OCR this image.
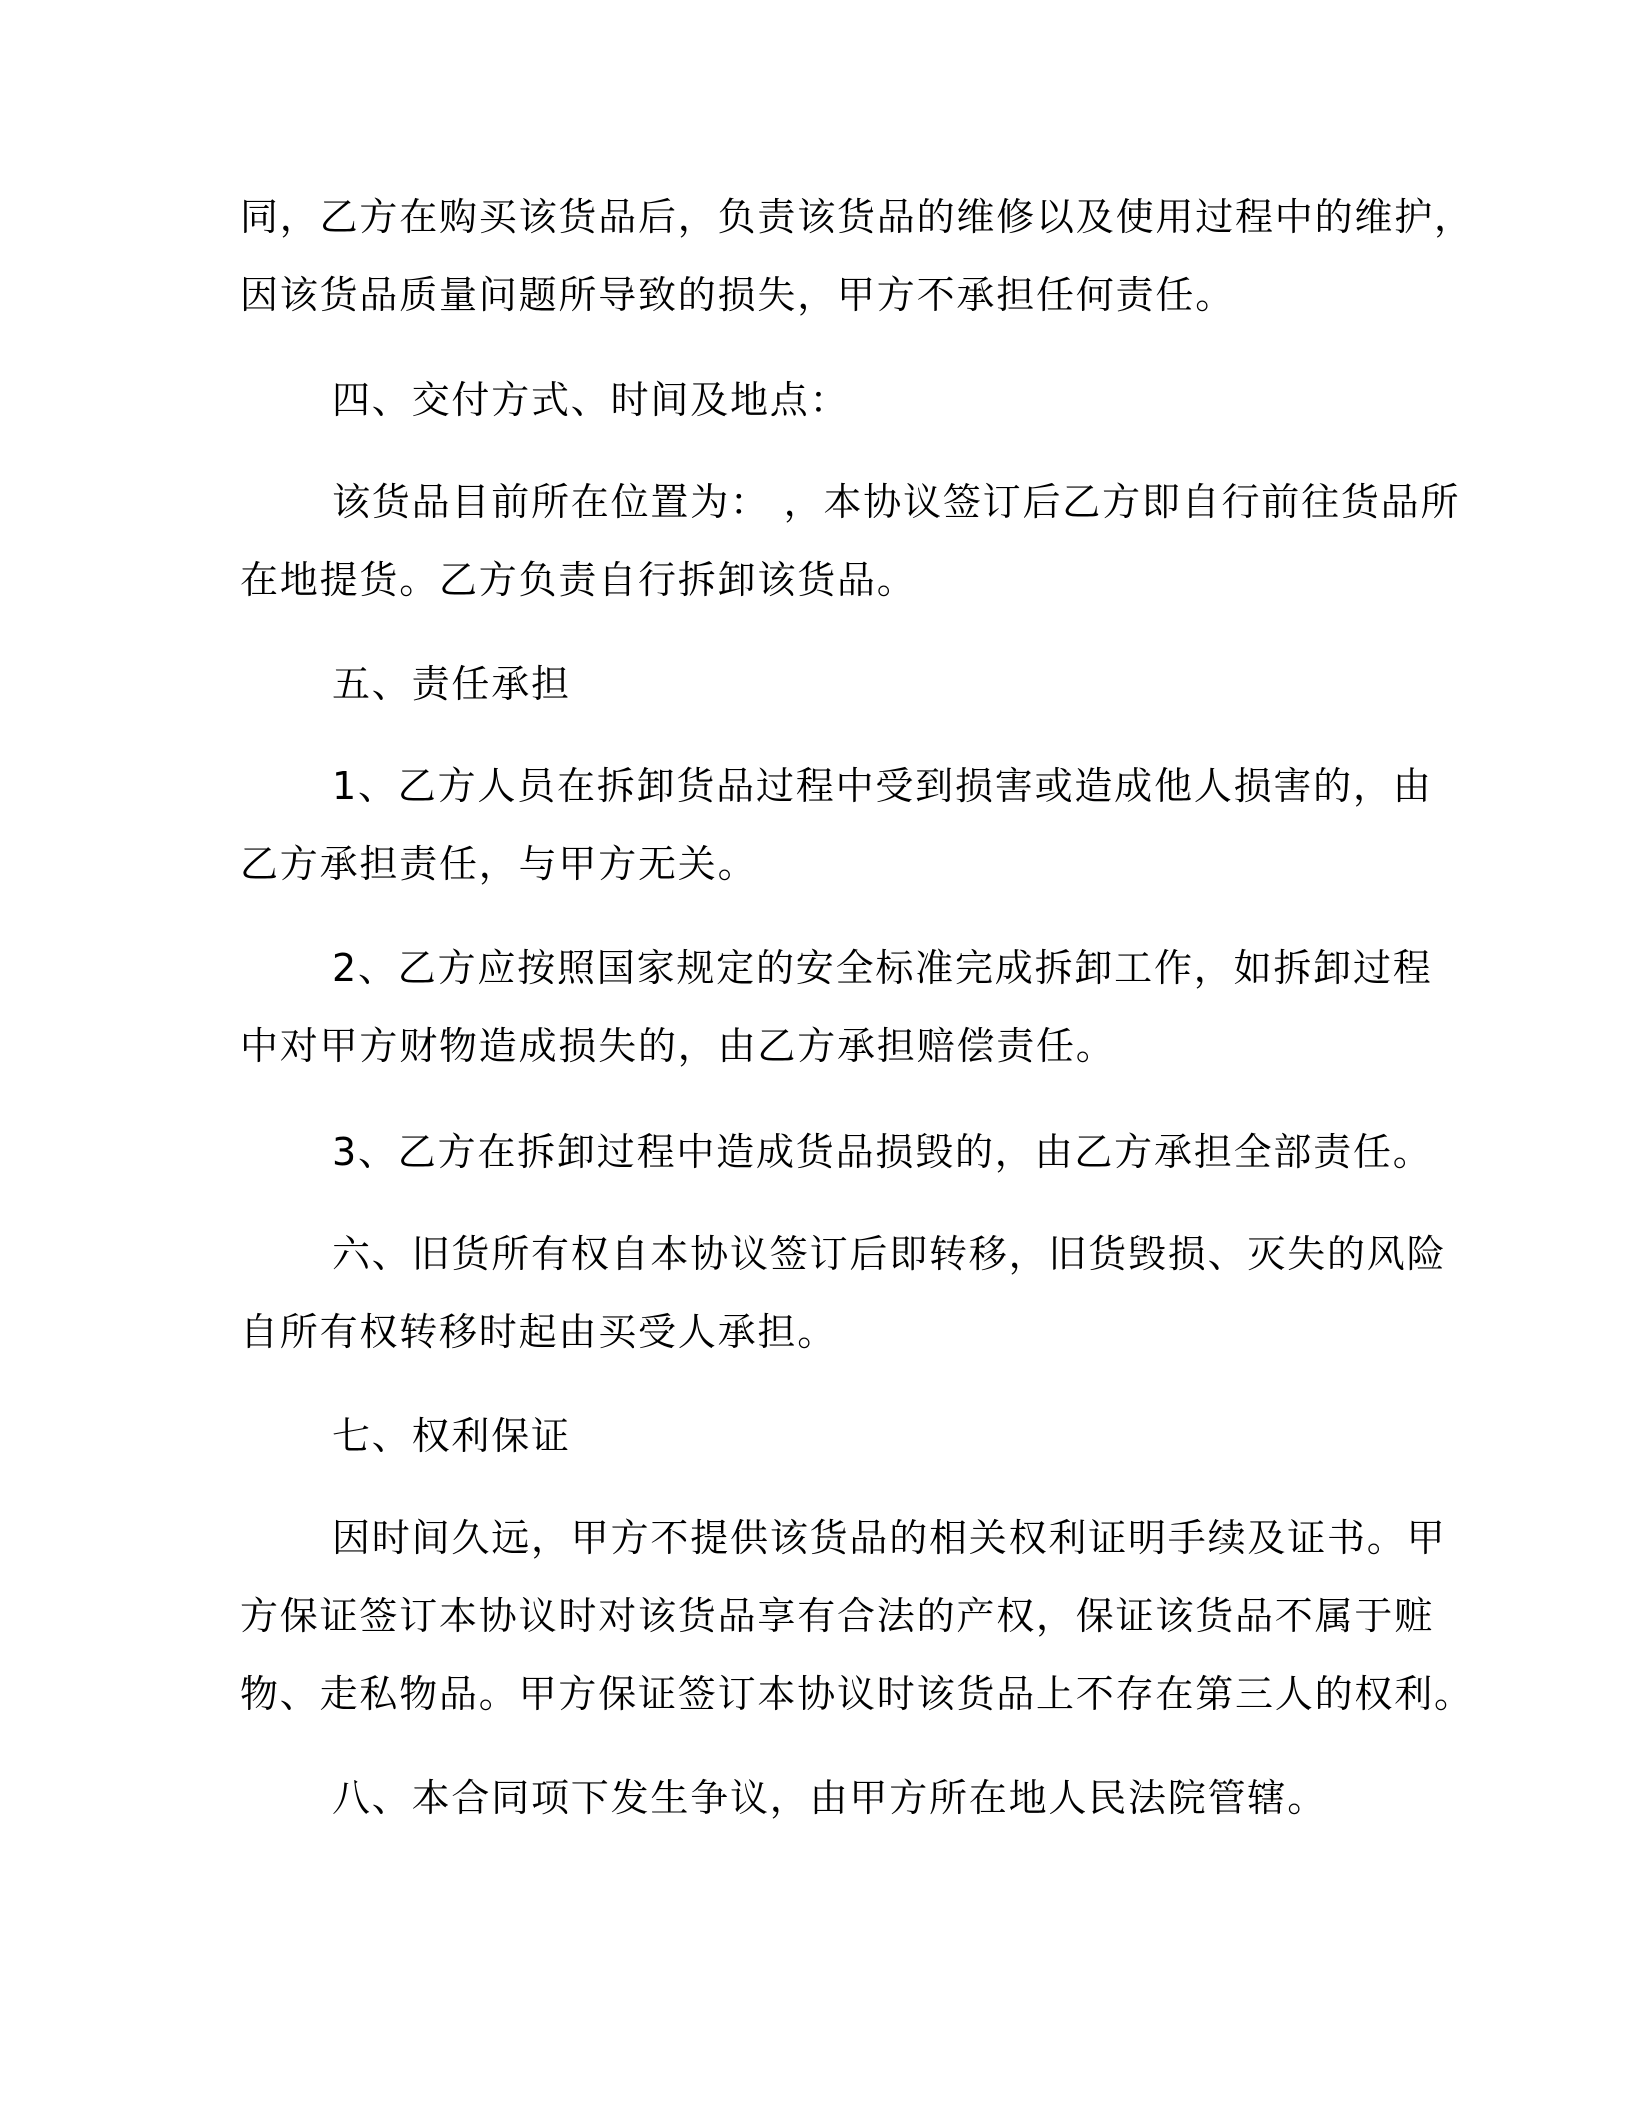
同，乙方在购买该货品后，负责该货品的维修以及使用过程中的维护，
因该货品质量问题所导致的损失，甲方不承担任何责任。
四、交付方式、时间及地点：
该货品目前所在位置为： ，本协议签订后乙方即自行前往货品所
在地提货。乙方负责自行拆卸该货品。
五、责任承担
1、乙方人员在拆卸货品过程中受到损害或造成他人损害的，由
乙方承担责任，与甲方无关。
2、乙方应按照国家规定的安全标准完成拆卸工作，如拆卸过程
中对甲方财物造成损失的，由乙方承担赔偿责任。
3、乙方在拆卸过程中造成货品损毁的，由乙方承担全部责任。
六、旧货所有权自本协议签订后即转移，旧货毁损、灭失的风险
自所有权转移时起由买受人承担。
七、权利保证
因时间久远，甲方不提供该货品的相关权利证明手续及证书。甲
方保证签订本协议时对该货品享有合法的产权，保证该货品不属于赃
物、走私物品。甲方保证签订本协议时该货品上不存在第三人的权利。
八、本合同项下发生争议，由甲方所在地人民法院管辖。
